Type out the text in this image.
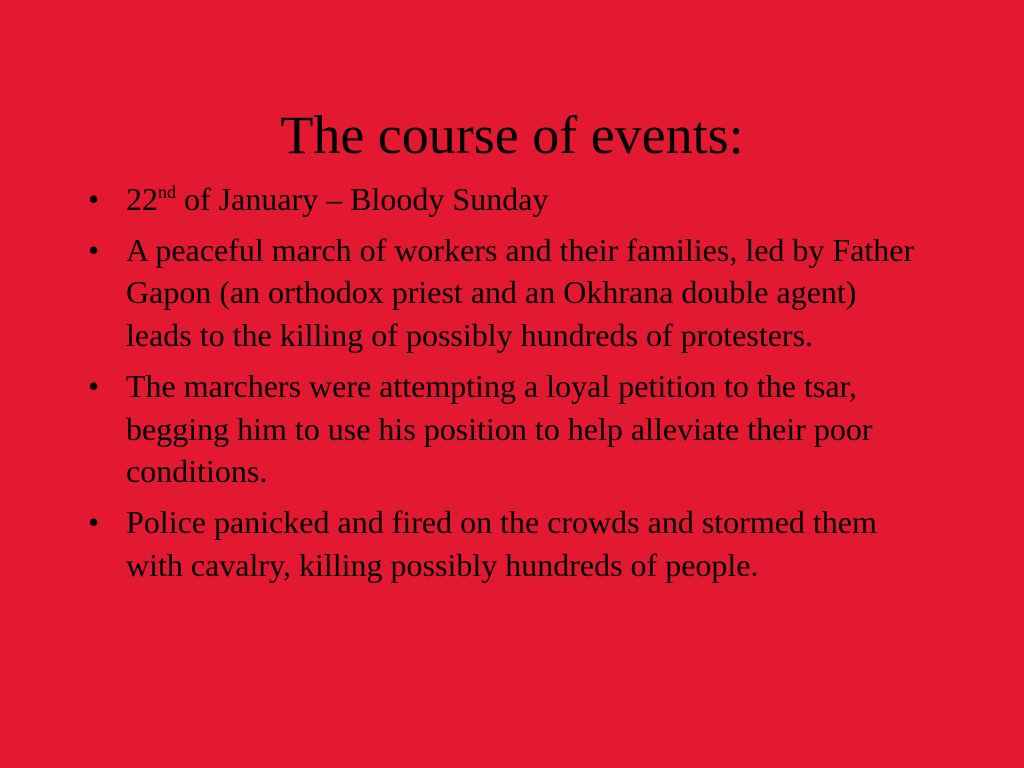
The course of events:
• 22nd of January – Bloody Sunday
• A peaceful march of workers and their families, led by Father Gapon (an orthodox priest and an Okhrana double agent) leads to the killing of possibly hundreds of protesters.
• The marchers were attempting a loyal petition to the tsar, begging him to use his position to help alleviate their poor conditions.
• Police panicked and fired on the crowds and stormed them with cavalry, killing possibly hundreds of people.
